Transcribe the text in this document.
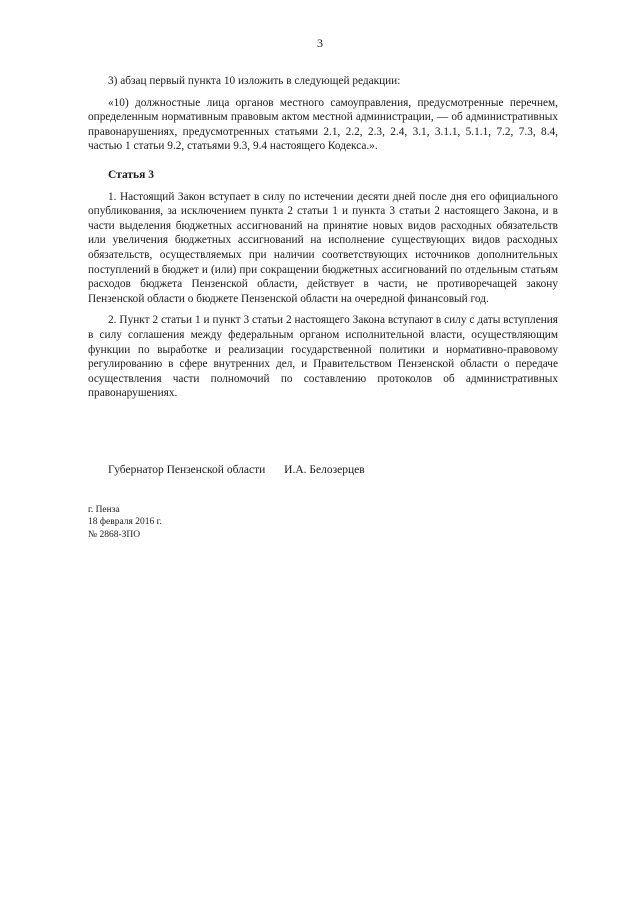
3

3) абзац первый пункта 10 изложить в следующей редакции:

«10) должностные лица органов местного самоуправления, предусмотренные перечнем, определенным нормативным правовым актом местной администрации, — об административных правонарушениях, предусмотренных статьями 2.1, 2.2, 2.3, 2.4, 3.1, 3.1.1, 5.1.1, 7.2, 7.3, 8.4, частью 1 статьи 9.2, статьями 9.3, 9.4 настоящего Кодекса.».

Статья 3

1. Настоящий Закон вступает в силу по истечении десяти дней после дня его официального опубликования, за исключением пункта 2 статьи 1 и пункта 3 статьи 2 настоящего Закона, и в части выделения бюджетных ассигнований на принятие новых видов расходных обязательств или увеличения бюджетных ассигнований на исполнение существующих видов расходных обязательств, осуществляемых при наличии соответствующих источников дополнительных поступлений в бюджет и (или) при сокращении бюджетных ассигнований по отдельным статьям расходов бюджета Пензенской области, действует в части, не противоречащей закону Пензенской области о бюджете Пензенской области на очередной финансовый год.

2. Пункт 2 статьи 1 и пункт 3 статьи 2 настоящего Закона вступают в силу с даты вступления в силу соглашения между федеральным органом исполнительной власти, осуществляющим функции по выработке и реализации государственной политики и нормативно-правовому регулированию в сфере внутренних дел, и Правительством Пензенской области о передаче осуществления части полномочий по составлению протоколов об административных правонарушениях.

Губернатор Пензенской области И.А. Белозерцев
г. Пенза
18 февраля 2016 г.
№ 2868-ЗПО
